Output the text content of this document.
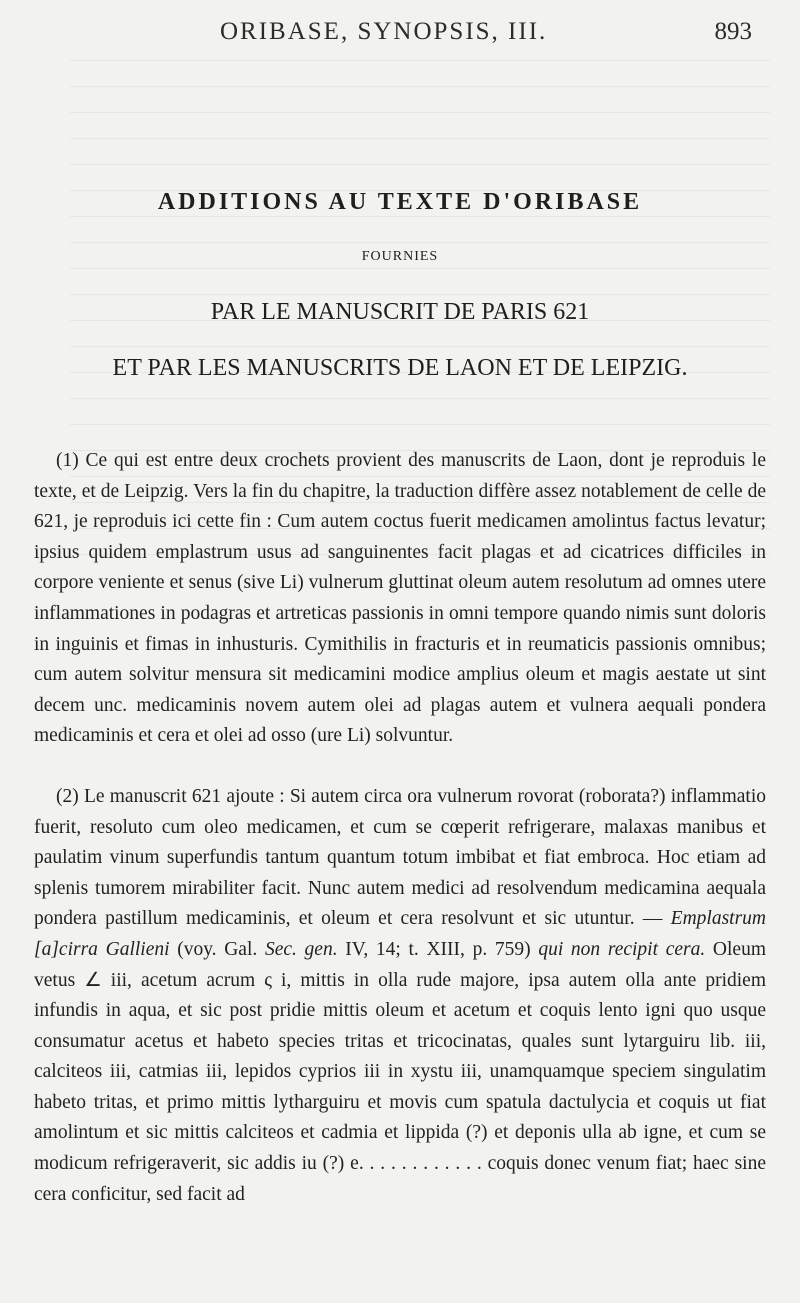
ORIBASE, SYNOPSIS, III.	893
ADDITIONS AU TEXTE D'ORIBASE
FOURNIES
PAR LE MANUSCRIT DE PARIS 621
ET PAR LES MANUSCRITS DE LAON ET DE LEIPZIG.

(1) Ce qui est entre deux crochets provient des manuscrits de Laon, dont je reproduis le texte, et de Leipzig. Vers la fin du chapitre, la traduction diffère assez notablement de celle de 621, je reproduis ici cette fin : Cum autem coctus fuerit medicamen amolintus factus levatur; ipsius quidem emplastrum usus ad sanguinentes facit plagas et ad cicatrices difficiles in corpore veniente et senus (sive Li) vulnerum gluttinat oleum autem resolutum ad omnes utere inflammationes in podagras et artreticas passionis in omni tempore quando nimis sunt doloris in inguinis et fimas in inhusturis. Cymithilis in fracturis et in reumaticis passionis omnibus; cum autem solvitur mensura sit medicamini modice amplius oleum et magis aestate ut sint decem unc. medicaminis novem autem olei ad plagas autem et vulnera aequali pondera medicaminis et cera et olei ad osso (ure Li) solvuntur.

(2) Le manuscrit 621 ajoute : Si autem circa ora vulnerum rovorat (roborata?) inflammatio fuerit, resoluto cum oleo medicamen, et cum se cœperit refrigerare, malaxas manibus et paulatim vinum superfundis tantum quantum totum imbibat et fiat embroca. Hoc etiam ad splenis tumorem mirabiliter facit. Nunc autem medici ad resolvendum medicamina aequala pondera pastillum medicaminis, et oleum et cera resolvunt et sic utuntur. — Emplastrum [a]cirra Gallieni (voy. Gal. Sec. gen. IV, 14; t. XIII, p. 759) qui non recipit cera. Oleum vetus ∠ iii, acetum acrum ς i, mittis in olla rude majore, ipsa autem olla ante pridiem infundis in aqua, et sic post pridie mittis oleum et acetum et coquis lento igni quo usque consumatur acetus et habeto species tritas et tricocinatas, quales sunt lytarguiru lib. iii, calciteos iii, catmias iii, lepidos cyprios iii in xystu iii, unamquamque speciem singulatim habeto tritas, et primo mittis lytharguiru et movis cum spatula dactulycia et coquis ut fiat amolintum et sic mittis calciteos et cadmia et lippida (?) et deponis ulla ab igne, et cum se modicum refrigeraverit, sic addis iu (?) e. . . . . . . . . . . . coquis donec venum fiat; haec sine cera conficitur, sed facit ad
